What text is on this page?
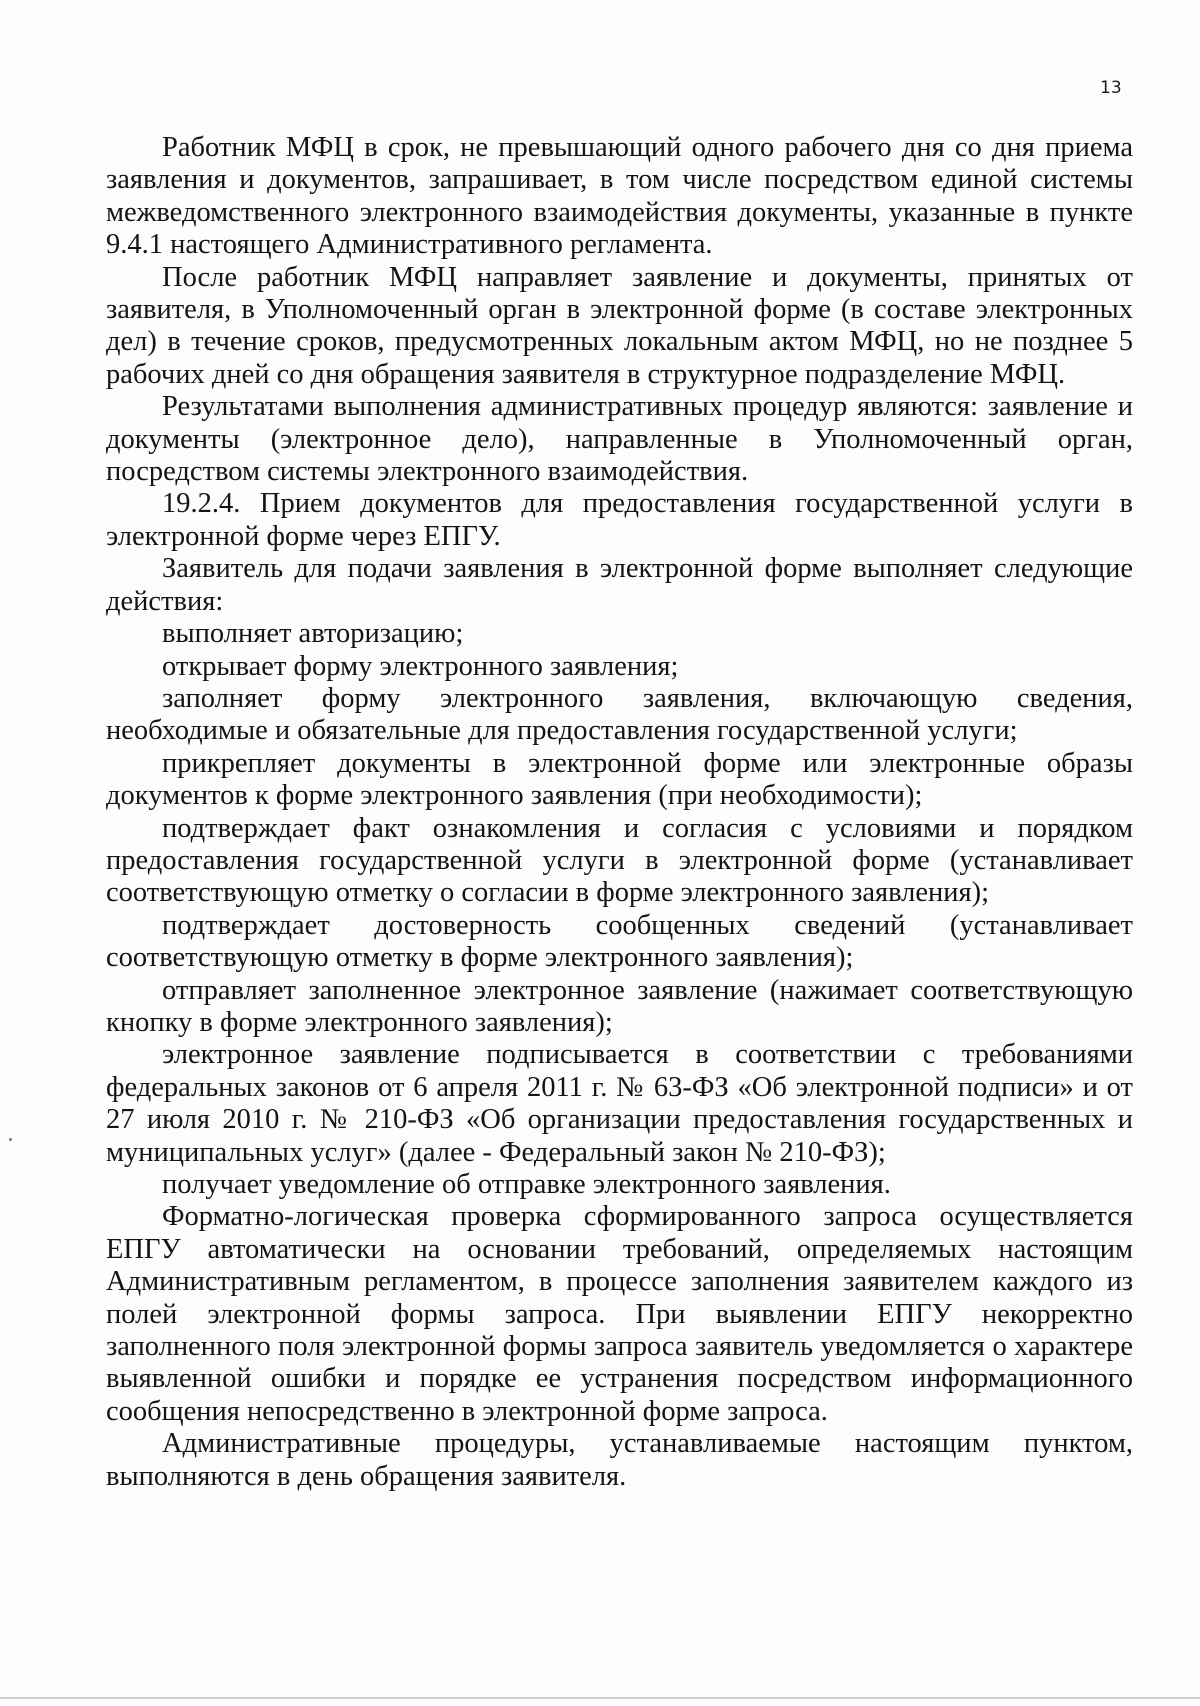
13

Работник МФЦ в срок, не превышающий одного рабочего дня со дня приема заявления и документов, запрашивает, в том числе посредством единой системы межведомственного электронного взаимодействия документы, указанные в пункте 9.4.1 настоящего Административного регламента.

После работник МФЦ направляет заявление и документы, принятых от заявителя, в Уполномоченный орган в электронной форме (в составе электронных дел) в течение сроков, предусмотренных локальным актом МФЦ, но не позднее 5 рабочих дней со дня обращения заявителя в структурное подразделение МФЦ.

Результатами выполнения административных процедур являются: заявление и документы (электронное дело), направленные в Уполномоченный орган, посредством системы электронного взаимодействия.

19.2.4. Прием документов для предоставления государственной услуги в электронной форме через ЕПГУ.

Заявитель для подачи заявления в электронной форме выполняет следующие действия:

выполняет авторизацию;

открывает форму электронного заявления;

заполняет форму электронного заявления, включающую сведения, необходимые и обязательные для предоставления государственной услуги;

прикрепляет документы в электронной форме или электронные образы документов к форме электронного заявления (при необходимости);

подтверждает факт ознакомления и согласия с условиями и порядком предоставления государственной услуги в электронной форме (устанавливает соответствующую отметку о согласии в форме электронного заявления);

подтверждает достоверность сообщенных сведений (устанавливает соответствующую отметку в форме электронного заявления);

отправляет заполненное электронное заявление (нажимает соответствующую кнопку в форме электронного заявления);

электронное заявление подписывается в соответствии с требованиями федеральных законов от 6 апреля 2011 г. № 63-ФЗ «Об электронной подписи» и от 27 июля 2010 г. № 210-ФЗ «Об организации предоставления государственных и муниципальных услуг» (далее - Федеральный закон № 210-ФЗ);

получает уведомление об отправке электронного заявления.

Форматно-логическая проверка сформированного запроса осуществляется ЕПГУ автоматически на основании требований, определяемых настоящим Административным регламентом, в процессе заполнения заявителем каждого из полей электронной формы запроса. При выявлении ЕПГУ некорректно заполненного поля электронной формы запроса заявитель уведомляется о характере выявленной ошибки и порядке ее устранения посредством информационного сообщения непосредственно в электронной форме запроса.

Административные процедуры, устанавливаемые настоящим пунктом, выполняются в день обращения заявителя.
